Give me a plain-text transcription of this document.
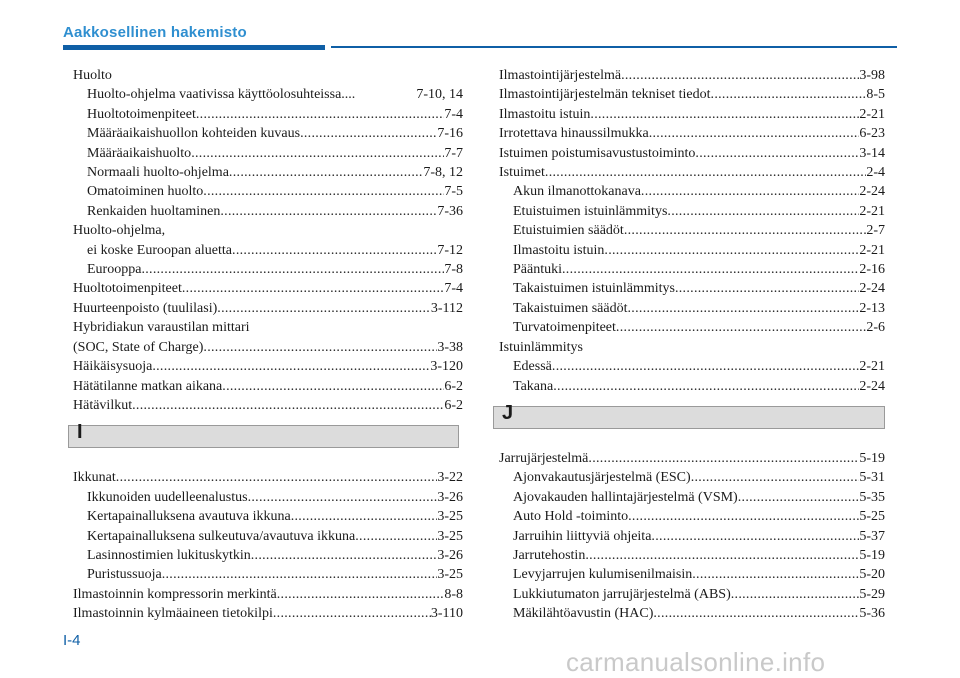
Aakkosellinen hakemisto
Huolto
Huolto-ohjelma vaativissa käyttöolosuhteissa....	7-10, 14
Huoltotoimenpiteet .....	7-4
Määräaikaishuollon kohteiden kuvaus .....	7-16
Määräaikaishuolto .....	7-7
Normaali huolto-ohjelma .....	7-8, 12
Omatoiminen huolto .....	7-5
Renkaiden huoltaminen .....	7-36
Huolto-ohjelma,
ei koske Euroopan aluetta .....	7-12
Eurooppa .....	7-8
Huoltotoimenpiteet .....	7-4
Huurteenpoisto (tuulilasi) .....	3-112
Hybridiakun varaustilan mittari
(SOC, State of Charge) .....	3-38
Häikäisysuoja .....	3-120
Hätätilanne matkan aikana .....	6-2
Hätävilkut .....	6-2
I
Ikkunat .....	3-22
Ikkunoiden uudelleenalustus .....	3-26
Kertapainalluksena avautuva ikkuna .....	3-25
Kertapainalluksena sulkeutuva/avautuva ikkuna .....	3-25
Lasinnostimien lukituskytkin .....	3-26
Puristussuoja .....	3-25
Ilmastoinnin kompressorin merkintä .....	8-8
Ilmastoinnin kylmäaineen tietokilpi .....	3-110
Ilmastointijärjestelmä .....	3-98
Ilmastointijärjestelmän tekniset tiedot .....	8-5
Ilmastoitu istuin .....	2-21
Irrotettava hinaussilmukka .....	6-23
Istuimen poistumisavustustoiminto .....	3-14
Istuimet .....	2-4
Akun ilmanottokanava .....	2-24
Etuistuimen istuinlämmitys .....	2-21
Etuistuimien säädöt .....	2-7
Ilmastoitu istuin .....	2-21
Pääntuki .....	2-16
Takaistuimen istuinlämmitys .....	2-24
Takaistuimen säädöt .....	2-13
Turvatoimenpiteet .....	2-6
Istuinlämmitys
Edessä .....	2-21
Takana .....	2-24
J
Jarrujärjestelmä .....	5-19
Ajonvakautusjärjestelmä (ESC) .....	5-31
Ajovakauden hallintajärjestelmä (VSM) .....	5-35
Auto Hold -toiminto .....	5-25
Jarruihin liittyviä ohjeita .....	5-37
Jarrutehostin .....	5-19
Levyjarrujen kulumisenilmaisin .....	5-20
Lukkiutumaton jarrujärjestelmä (ABS) .....	5-29
Mäkilähtöavustin (HAC) .....	5-36
I-4
carmanualsonline.info
